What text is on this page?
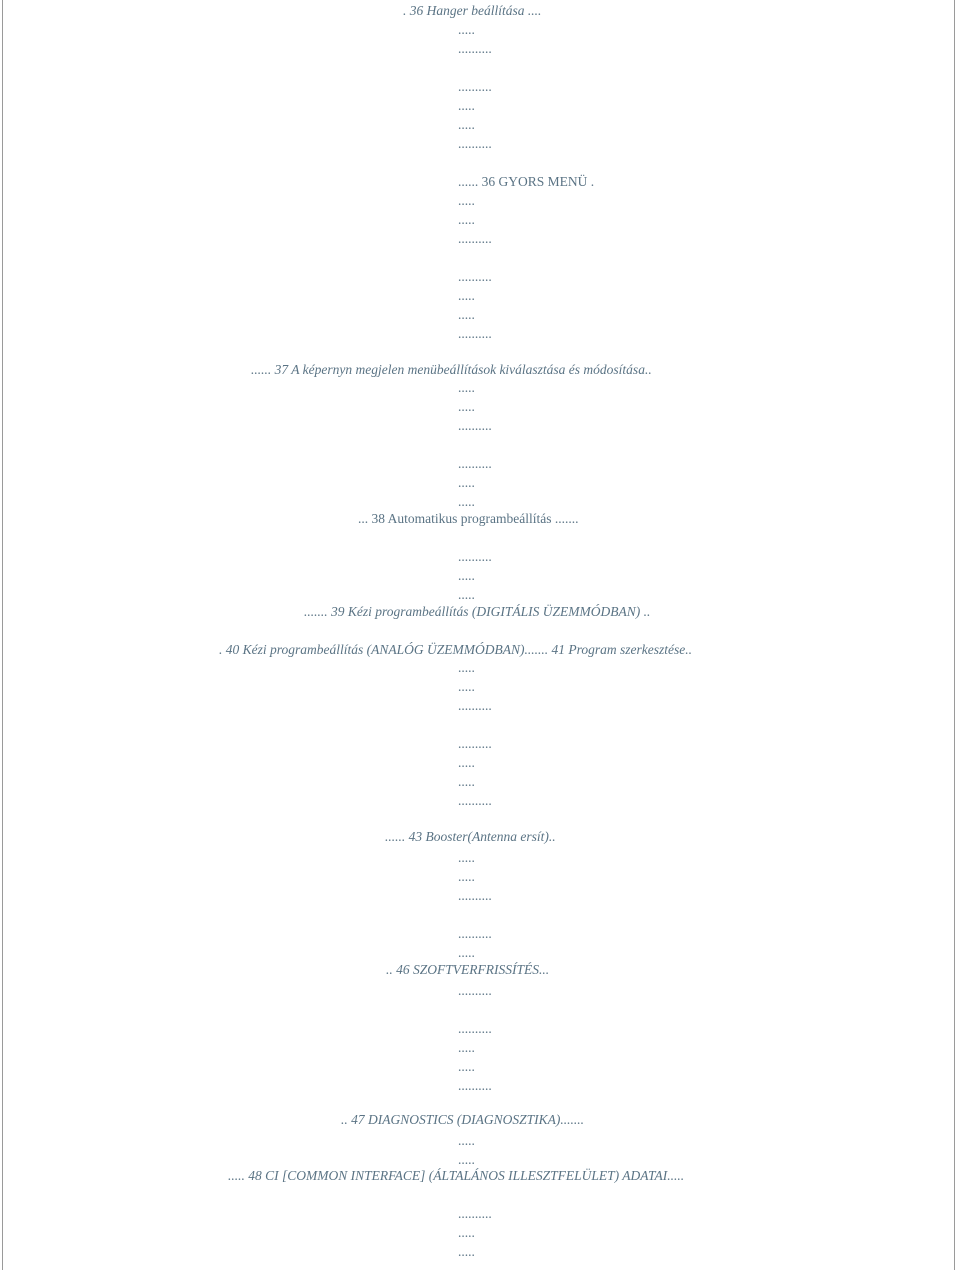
. 36 Hanger beállítása ....
.....
..........
..........
.....
.....
..........
...... 36 GYORS MENÜ .
.....
.....
..........
..........
.....
.....
..........
...... 37 A képernyn megjelen menübeállítások kiválasztása és módosítása..
.....
.....
..........
..........
.....
.....
... 38 Automatikus programbeállítás .......
..........
.....
.....
....... 39 Kézi programbeállítás (DIGITÁLIS ÜZEMMÓDBAN) ..
. 40 Kézi programbeállítás (ANALÓG ÜZEMMÓDBAN)....... 41 Program szerkesztése..
.....
.....
..........
..........
.....
.....
..........
...... 43 Booster(Antenna ersít)..
.....
.....
..........
..........
.....
.. 46 SZOFTVERFRISSÍTÉS...
..........
..........
.....
.....
..........
.. 47 DIAGNOSTICS (DIAGNOSZTIKA).......
.....
.....
..... 48 CI [COMMON INTERFACE] (ÁLTALÁNOS ILLESZTFELÜLET) ADATAI.....
..........
.....
.....
